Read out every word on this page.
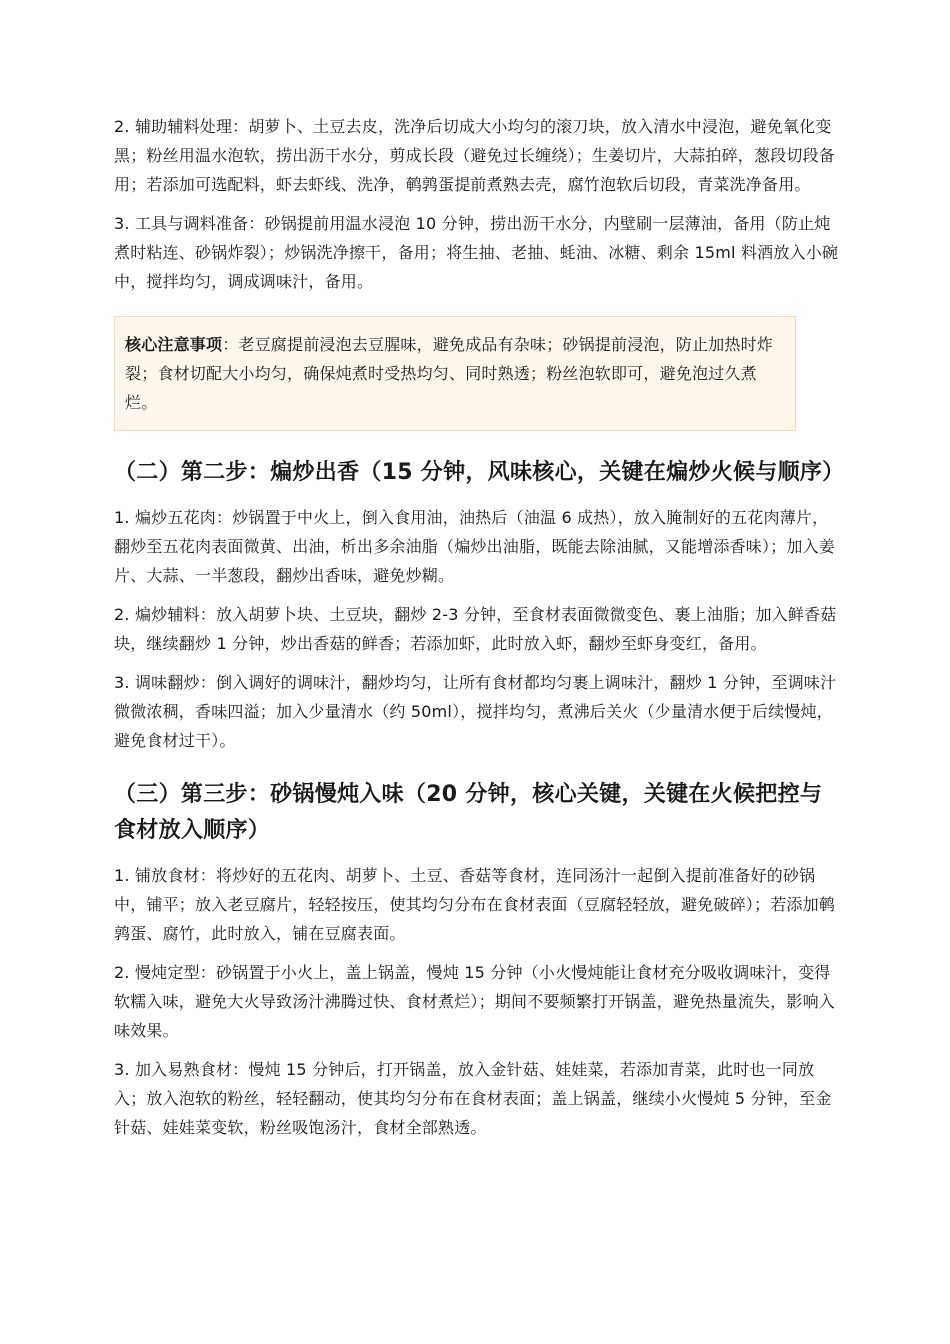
2. 辅助辅料处理：胡萝卜、土豆去皮，洗净后切成大小均匀的滚刀块，放入清水中浸泡，避免氧化变黑；粉丝用温水泡软，捞出沥干水分，剪成长段（避免过长缠绕）；生姜切片，大蒜拍碎，葱段切段备用；若添加可选配料，虾去虾线、洗净，鹌鹑蛋提前煮熟去壳，腐竹泡软后切段，青菜洗净备用。

3. 工具与调料准备：砂锅提前用温水浸泡 10 分钟，捞出沥干水分，内壁刷一层薄油，备用（防止炖煮时粘连、砂锅炸裂）；炒锅洗净擦干，备用；将生抽、老抽、蚝油、冰糖、剩余 15ml 料酒放入小碗中，搅拌均匀，调成调味汁，备用。

核心注意事项：老豆腐提前浸泡去豆腥味，避免成品有杂味；砂锅提前浸泡，防止加热时炸裂；食材切配大小均匀，确保炖煮时受热均匀、同时熟透；粉丝泡软即可，避免泡过久煮烂。
（二）第二步：煸炒出香（15 分钟，风味核心，关键在煸炒火候与顺序）

1. 煸炒五花肉：炒锅置于中火上，倒入食用油，油热后（油温 6 成热），放入腌制好的五花肉薄片，翻炒至五花肉表面微黄、出油，析出多余油脂（煸炒出油脂，既能去除油腻，又能增添香味）；加入姜片、大蒜、一半葱段，翻炒出香味，避免炒糊。

2. 煸炒辅料：放入胡萝卜块、土豆块，翻炒 2-3 分钟，至食材表面微微变色、裹上油脂；加入鲜香菇块，继续翻炒 1 分钟，炒出香菇的鲜香；若添加虾，此时放入虾，翻炒至虾身变红，备用。

3. 调味翻炒：倒入调好的调味汁，翻炒均匀，让所有食材都均匀裹上调味汁，翻炒 1 分钟，至调味汁微微浓稠，香味四溢；加入少量清水（约 50ml），搅拌均匀，煮沸后关火（少量清水便于后续慢炖，避免食材过干）。

（三）第三步：砂锅慢炖入味（20 分钟，核心关键，关键在火候把控与食材放入顺序）

1. 铺放食材：将炒好的五花肉、胡萝卜、土豆、香菇等食材，连同汤汁一起倒入提前准备好的砂锅中，铺平；放入老豆腐片，轻轻按压，使其均匀分布在食材表面（豆腐轻轻放，避免破碎）；若添加鹌鹑蛋、腐竹，此时放入，铺在豆腐表面。

2. 慢炖定型：砂锅置于小火上，盖上锅盖，慢炖 15 分钟（小火慢炖能让食材充分吸收调味汁，变得软糯入味，避免大火导致汤汁沸腾过快、食材煮烂）；期间不要频繁打开锅盖，避免热量流失，影响入味效果。

3. 加入易熟食材：慢炖 15 分钟后，打开锅盖，放入金针菇、娃娃菜，若添加青菜，此时也一同放入；放入泡软的粉丝，轻轻翻动，使其均匀分布在食材表面；盖上锅盖，继续小火慢炖 5 分钟，至金针菇、娃娃菜变软，粉丝吸饱汤汁，食材全部熟透。
